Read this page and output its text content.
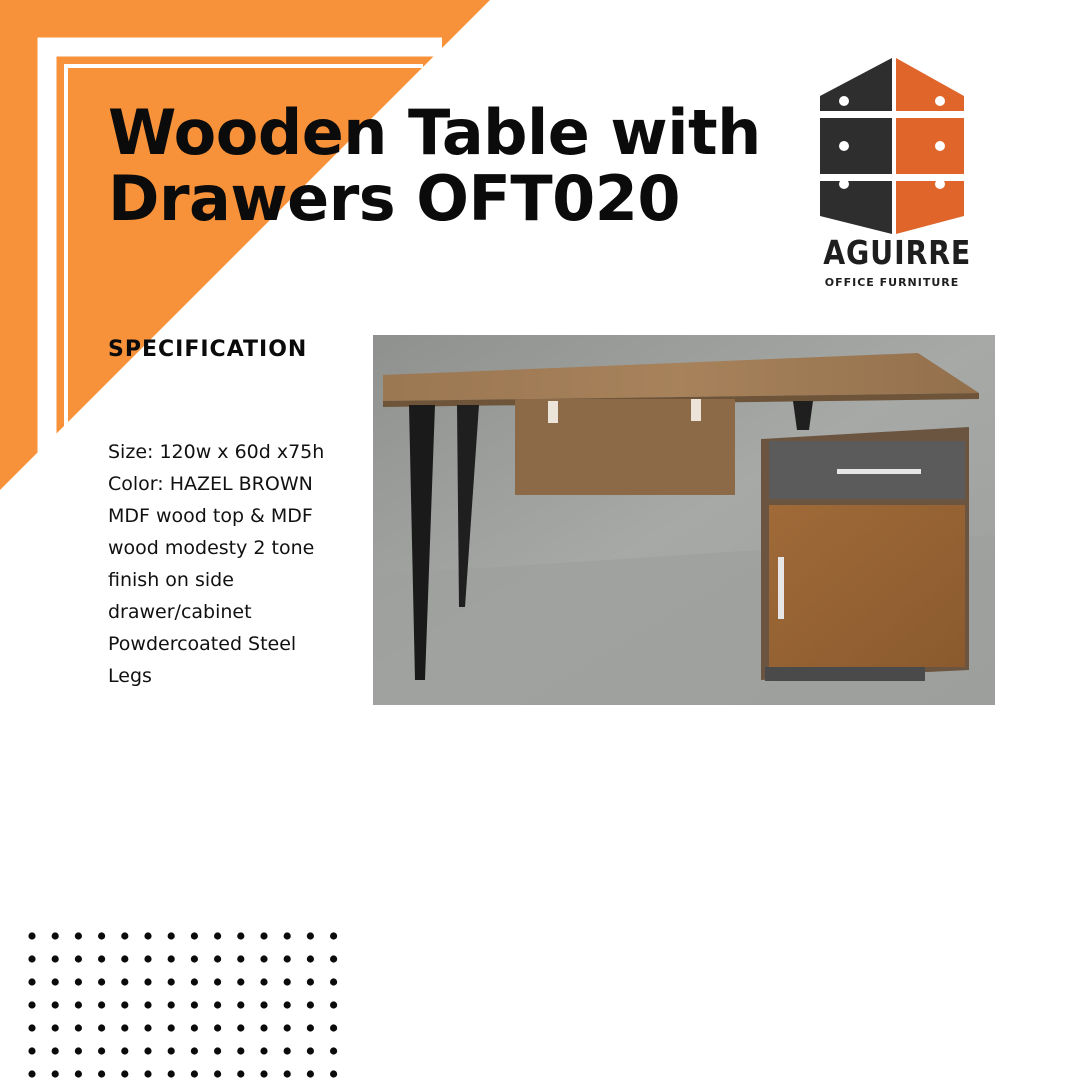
Wooden Table with
Drawers OFT020
AGUIRRE
OFFICE FURNITURE
SPECIFICATION
Size: 120w x 60d x75h
Color: HAZEL BROWN
MDF wood top & MDF
wood modesty 2 tone
finish on side
drawer/cabinet
Powdercoated Steel
Legs
